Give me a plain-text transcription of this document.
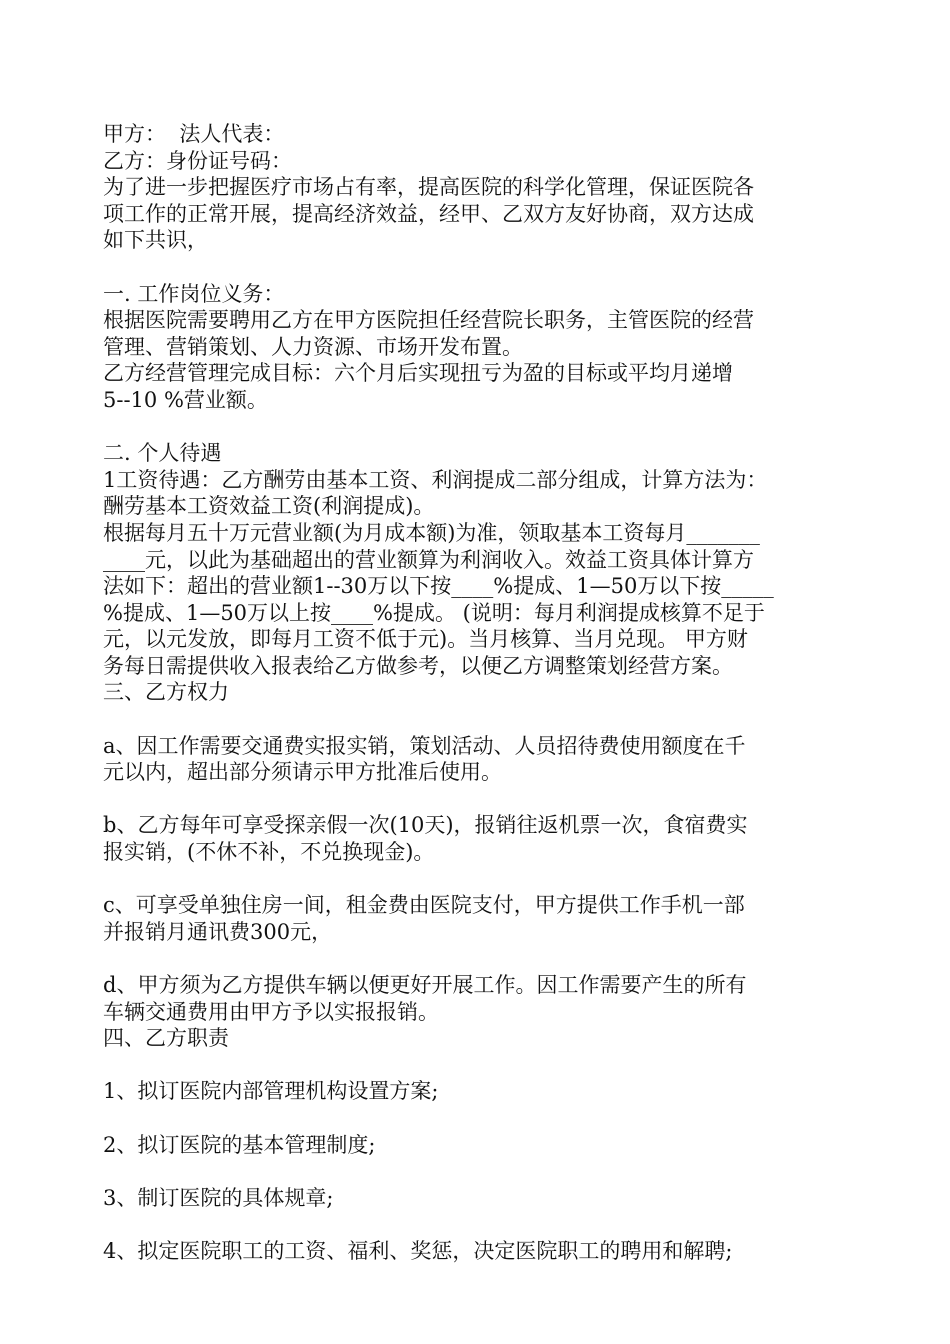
甲方：  法人代表：
乙方：身份证号码：
为了进一步把握医疗市场占有率，提高医院的科学化管理，保证医院各
项工作的正常开展，提高经济效益，经甲、乙双方友好协商，双方达成
如下共识，
一. 工作岗位义务：
根据医院需要聘用乙方在甲方医院担任经营院长职务，主管医院的经营
管理、营销策划、人力资源、市场开发布置。
乙方经营管理完成目标：六个月后实现扭亏为盈的目标或平均月递增
5--10 %营业额。
二. 个人待遇
1工资待遇：乙方酬劳由基本工资、利润提成二部分组成，计算方法为：
酬劳基本工资效益工资(利润提成)。
根据每月五十万元营业额(为月成本额)为准，领取基本工资每月_______
____元，以此为基础超出的营业额算为利润收入。效益工资具体计算方
法如下：超出的营业额1--30万以下按____%提成、1—50万以下按_____
%提成、1—50万以上按____%提成。 (说明：每月利润提成核算不足于
元，以元发放，即每月工资不低于元)。当月核算、当月兑现。 甲方财
务每日需提供收入报表给乙方做参考，以便乙方调整策划经营方案。
三、乙方权力
a、因工作需要交通费实报实销，策划活动、人员招待费使用额度在千
元以内，超出部分须请示甲方批准后使用。
b、乙方每年可享受探亲假一次(10天)，报销往返机票一次，食宿费实
报实销，(不休不补，不兑换现金)。
c、可享受单独住房一间，租金费由医院支付，甲方提供工作手机一部
并报销月通讯费300元，
d、甲方须为乙方提供车辆以便更好开展工作。因工作需要产生的所有
车辆交通费用由甲方予以实报报销。
四、乙方职责
1、拟订医院内部管理机构设置方案;
2、拟订医院的基本管理制度;
3、制订医院的具体规章;
4、拟定医院职工的工资、福利、奖惩，决定医院职工的聘用和解聘;
